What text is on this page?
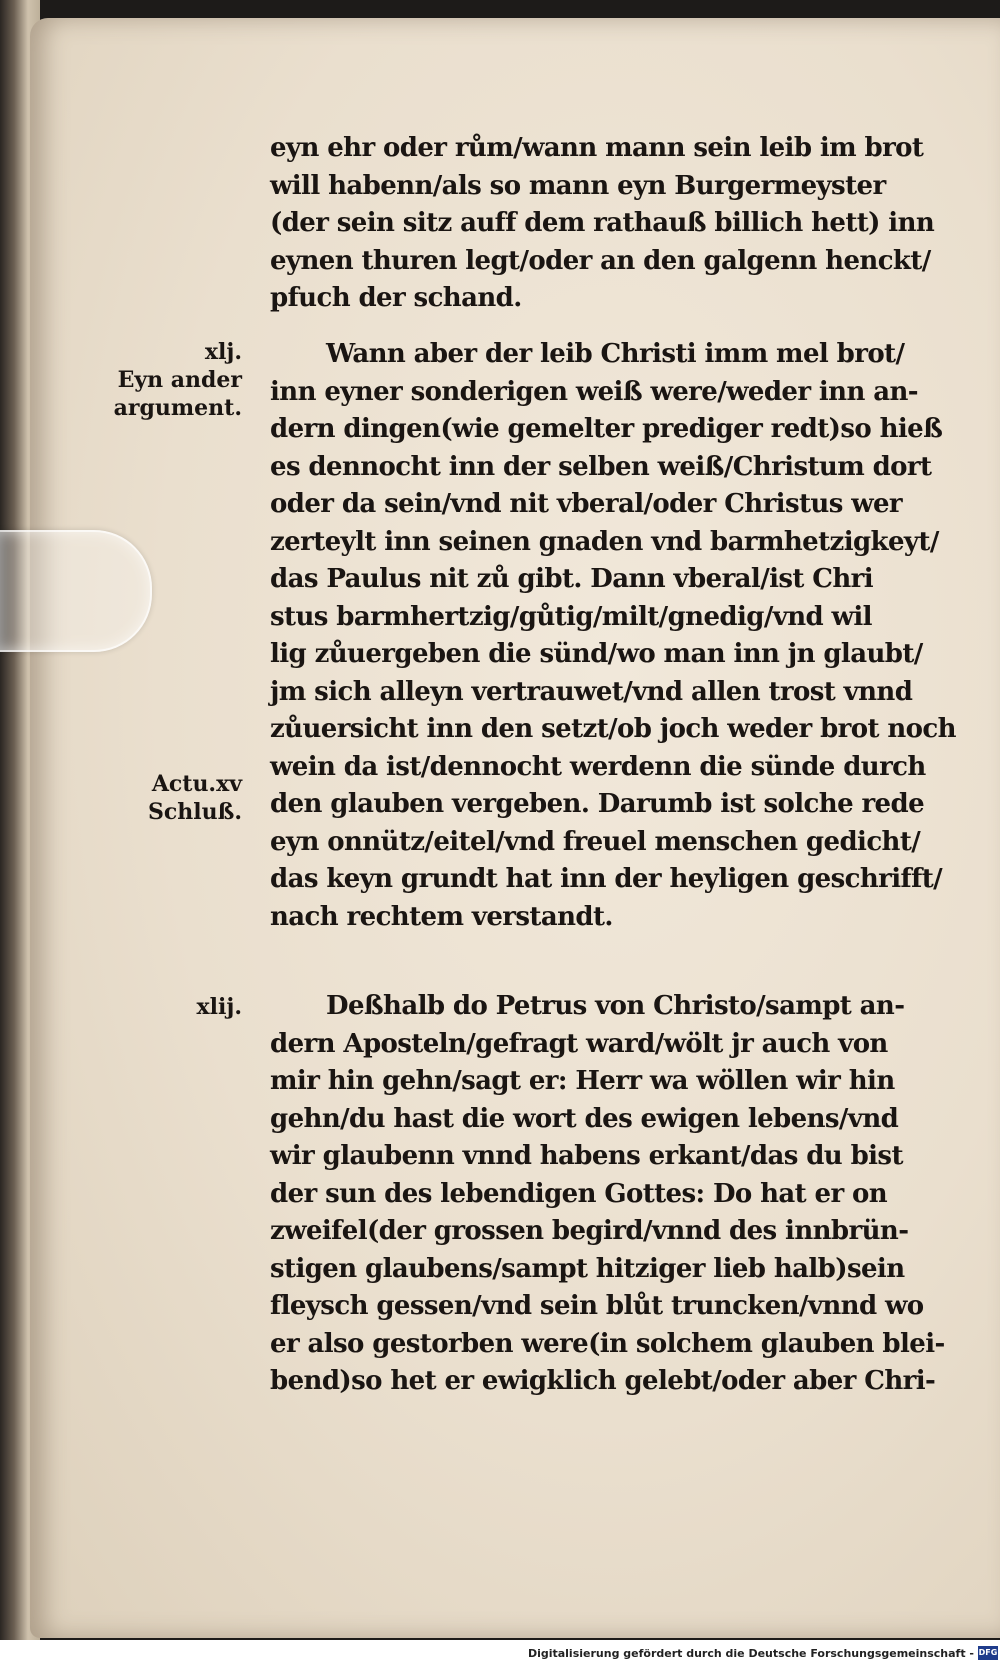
eyn ehr oder rům/wann mann sein leib im brot
will habenn/als so mann eyn Burgermeyster
(der sein sitz auff dem rathauß billich hett) inn
eynen thuren legt/oder an den galgenn henckt/
pfuch der schand.
xlj.
Eyn ander
argument.
Wann aber der leib Christi imm mel brot/
inn eyner sonderigen weiß were/weder inn an-
dern dingen(wie gemelter prediger redt)so hieß
es dennocht inn der selben weiß/Christum dort
oder da sein/vnd nit vberal/oder Christus wer
zerteylt inn seinen gnaden vnd barmhetzigkeyt/
das Paulus nit zů gibt. Dann vberal/ist Chri
stus barmhertzig/gůtig/milt/gnedig/vnd wil
lig zůuergeben die sünd/wo man inn jn glaubt/
jm sich alleyn vertrauwet/vnd allen trost vnnd
zůuersicht inn den setzt/ob joch weder brot noch
wein da ist/dennocht werdenn die sünde durch
den glauben vergeben. Darumb ist solche rede
eyn onnütz/eitel/vnd freuel menschen gedicht/
das keyn grundt hat inn der heyligen geschrifft/
nach rechtem verstandt.
Actu.xv
Schluß.
xlij.	Deßhalb do Petrus von Christo/sampt an-
dern Aposteln/gefragt ward/wölt jr auch von
mir hin gehn/sagt er: Herr wa wöllen wir hin
gehn/du hast die wort des ewigen lebens/vnd
wir glaubenn vnnd habens erkant/das du bist
der sun des lebendigen Gottes: Do hat er on
zweifel(der grossen begird/vnnd des innbrün-
stigen glaubens/sampt hitziger lieb halb)sein
fleysch gessen/vnd sein blůt truncken/vnnd wo
er also gestorben were(in solchem glauben blei-
bend)so het er ewigklich gelebt/oder aber Chri-
Digitalisierung gefördert durch die Deutsche Forschungsgemeinschaft - DFG
